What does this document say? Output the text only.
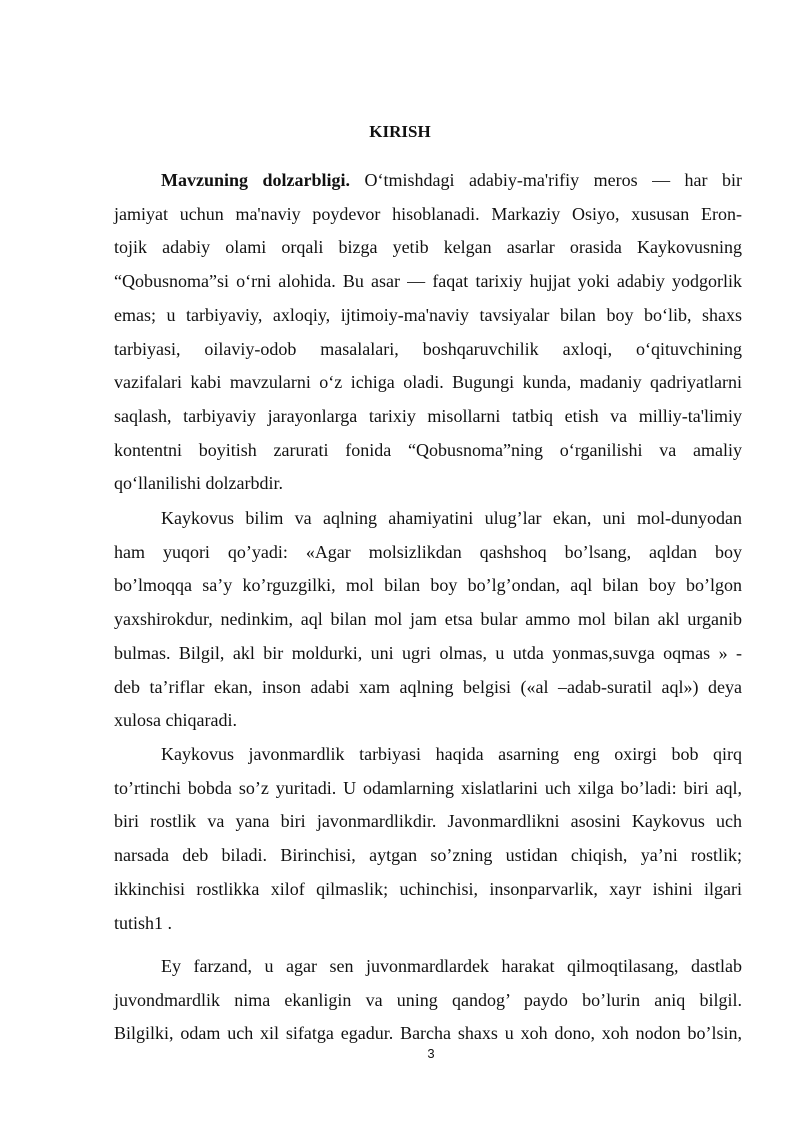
KIRISH
Mavzuning dolzarbligi. O‘tmishdagi adabiy-ma'rifiy meros — har bir
jamiyat uchun ma'naviy poydevor hisoblanadi. Markaziy Osiyo, xususan Eron-
tojik adabiy olami orqali bizga yetib kelgan asarlar orasida Kaykovusning
“Qobusnoma”si o‘rni alohida. Bu asar — faqat tarixiy hujjat yoki adabiy yodgorlik
emas; u tarbiyaviy, axloqiy, ijtimoiy-ma'naviy tavsiyalar bilan boy bo‘lib, shaxs
tarbiyasi, oilaviy-odob masalalari, boshqaruvchilik axloqi, o‘qituvchining
vazifalari kabi mavzularni o‘z ichiga oladi. Bugungi kunda, madaniy qadriyatlarni
saqlash, tarbiyaviy jarayonlarga tarixiy misollarni tatbiq etish va milliy-ta'limiy
kontentni boyitish zarurati fonida “Qobusnoma”ning o‘rganilishi va amaliy
qo‘llanilishi dolzarbdir.
Kaykovus bilim va aqlning ahamiyatini ulug’lar ekan, uni mol-dunyodan
ham yuqori qo’yadi: «Agar molsizlikdan qashshoq bo’lsang, aqldan boy
bo’lmoqqa sa’y ko’rguzgilki, mol bilan boy bo’lg’ondan, aql bilan boy bo’lgon
yaxshirokdur, nedinkim, aql bilan mol jam etsa bular ammo mol bilan akl urganib
bulmas. Bilgil, akl bir moldurki, uni ugri olmas, u utda yonmas,suvga oqmas » -
deb ta’riflar ekan, inson adabi xam aqlning belgisi («al –adab-suratil aql») deya
xulosa chiqaradi.
Kaykovus javonmardlik tarbiyasi haqida asarning eng oxirgi bob qirq
to’rtinchi bobda so’z yuritadi. U odamlarning xislatlarini uch xilga bo’ladi: biri aql,
biri rostlik va yana biri javonmardlikdir. Javonmardlikni asosini Kaykovus uch
narsada deb biladi. Birinchisi, aytgan so’zning ustidan chiqish, ya’ni rostlik;
ikkinchisi rostlikka xilof qilmaslik; uchinchisi, insonparvarlik, xayr ishini ilgari
tutish1 .
Ey farzand, u agar sen juvonmardlardek harakat qilmoqtilasang, dastlab
juvondmardlik nima ekanligin va uning qandog’ paydo bo’lurin aniq bilgil.
Bilgilki, odam uch xil sifatga egadur. Barcha shaxs u xoh dono, xoh nodon bo’lsin,
3
